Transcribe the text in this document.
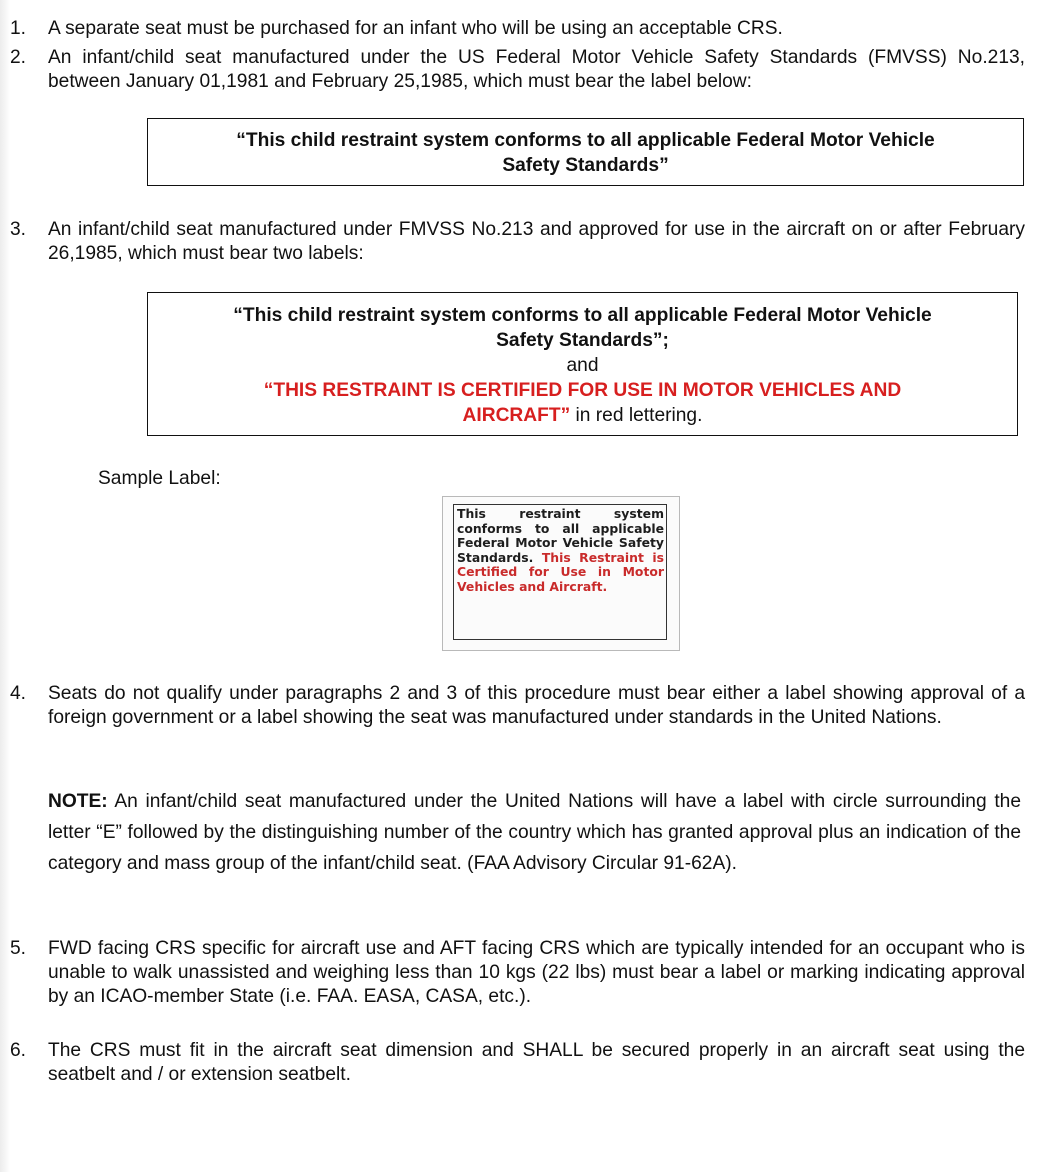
1. A separate seat must be purchased for an infant who will be using an acceptable CRS.
2. An infant/child seat manufactured under the US Federal Motor Vehicle Safety Standards (FMVSS) No.213, between January 01,1981 and February 25,1985, which must bear the label below:
“This child restraint system conforms to all applicable Federal Motor Vehicle
Safety Standards”
3. An infant/child seat manufactured under FMVSS No.213 and approved for use in the aircraft on or after February 26,1985, which must bear two labels:
“This child restraint system conforms to all applicable Federal Motor Vehicle
Safety Standards”;
and
“THIS RESTRAINT IS CERTIFIED FOR USE IN MOTOR VEHICLES AND
AIRCRAFT” in red lettering.
Sample Label:
This restraint system conforms to all applicable Federal Motor Vehicle Safety Standards. This Restraint is Certified for Use in Motor Vehicles and Aircraft.
4. Seats do not qualify under paragraphs 2 and 3 of this procedure must bear either a label showing approval of a foreign government or a label showing the seat was manufactured under standards in the United Nations.
NOTE: An infant/child seat manufactured under the United Nations will have a label with circle surrounding the letter “E” followed by the distinguishing number of the country which has granted approval plus an indication of the category and mass group of the infant/child seat. (FAA Advisory Circular 91-62A).
5. FWD facing CRS specific for aircraft use and AFT facing CRS which are typically intended for an occupant who is unable to walk unassisted and weighing less than 10 kgs (22 lbs) must bear a label or marking indicating approval by an ICAO-member State (i.e. FAA. EASA, CASA, etc.).
6. The CRS must fit in the aircraft seat dimension and SHALL be secured properly in an aircraft seat using the seatbelt and / or extension seatbelt.
